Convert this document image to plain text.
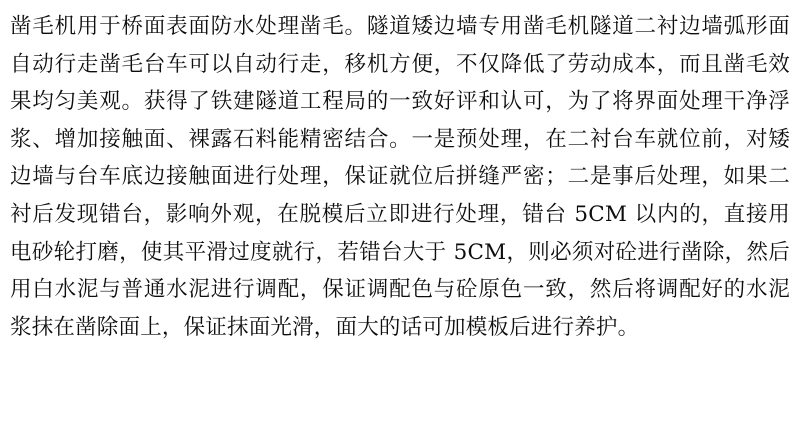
凿毛机用于桥面表面防水处理凿毛。隧道矮边墙专用凿毛机隧道二衬边墙弧形面自动行走凿毛台车可以自动行走，移机方便，不仅降低了劳动成本，而且凿毛效果均匀美观。获得了铁建隧道工程局的一致好评和认可，为了将界面处理干净浮浆、增加接触面、裸露石料能精密结合。一是预处理，在二衬台车就位前，对矮边墙与台车底边接触面进行处理，保证就位后拼缝严密；二是事后处理，如果二衬后发现错台，影响外观，在脱模后立即进行处理，错台 5CM 以内的，直接用电砂轮打磨，使其平滑过度就行，若错台大于 5CM，则必须对砼进行凿除，然后用白水泥与普通水泥进行调配，保证调配色与砼原色一致，然后将调配好的水泥浆抹在凿除面上，保证抹面光滑，面大的话可加模板后进行养护。
